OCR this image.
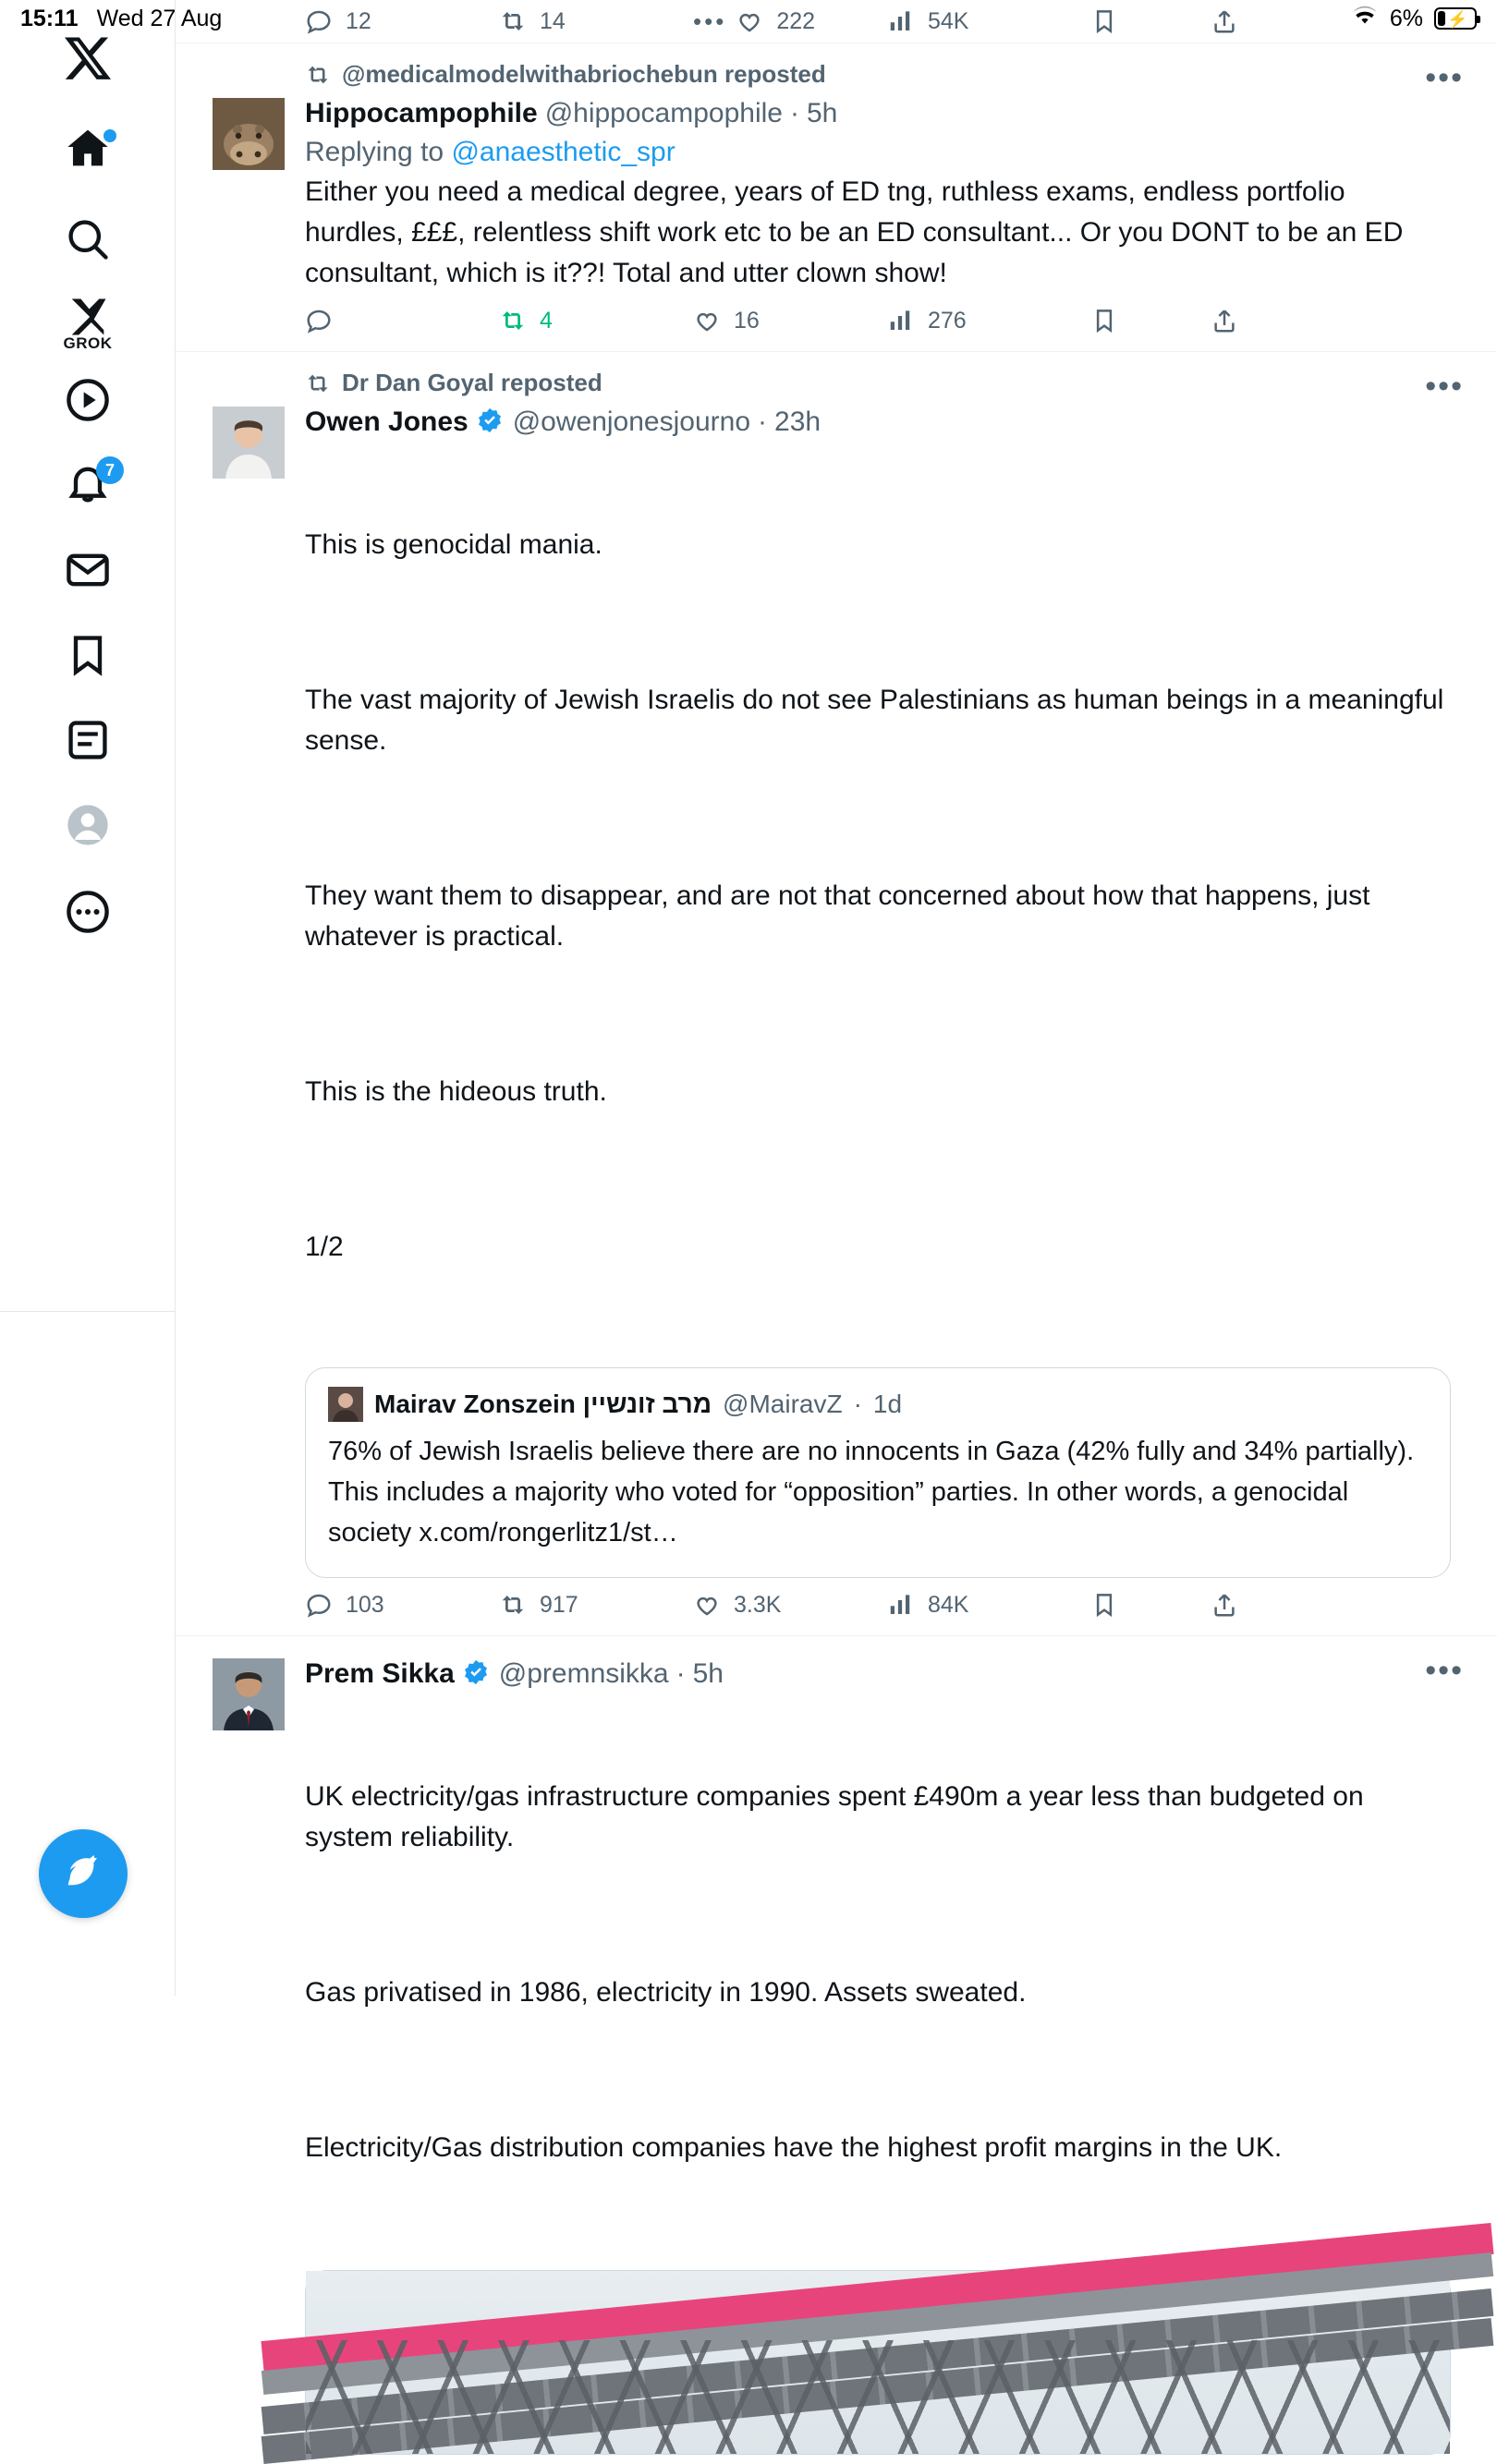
15:11 Wed 27 Aug	6% ⚡
GROK
7
12	14	••• 222	54K
@medicalmodelwithabriochebun reposted
Hippocampophile @hippocampophile · 5h
•••
Replying to @anaesthetic_spr
Either you need a medical degree, years of ED tng, ruthless exams, endless portfolio hurdles, £££, relentless shift work etc to be an ED consultant... Or you DONT to be an ED consultant, which is it??! Total and utter clown show!
4	16	276
Dr Dan Goyal reposted
Owen Jones @owenjonesjourno · 23h
•••

This is genocidal mania.

The vast majority of Jewish Israelis do not see Palestinians as human beings in a meaningful sense.

They want them to disappear, and are not that concerned about how that happens, just whatever is practical.

This is the hideous truth.

1/2

Mairav Zonszein מרב זונשיין @MairavZ · 1d
76% of Jewish Israelis believe there are no innocents in Gaza (42% fully and 34% partially). This includes a majority who voted for “opposition” parties. In other words, a genocidal society x.com/rongerlitz1/st…
103	917	3.3K	84K
Prem Sikka @premnsikka · 5h	•••

UK electricity/gas infrastructure companies spent £490m a year less than budgeted on system reliability.

Gas privatised in 1986, electricity in 1990. Assets sweated.

Electricity/Gas distribution companies have the highest profit margins in the UK.
